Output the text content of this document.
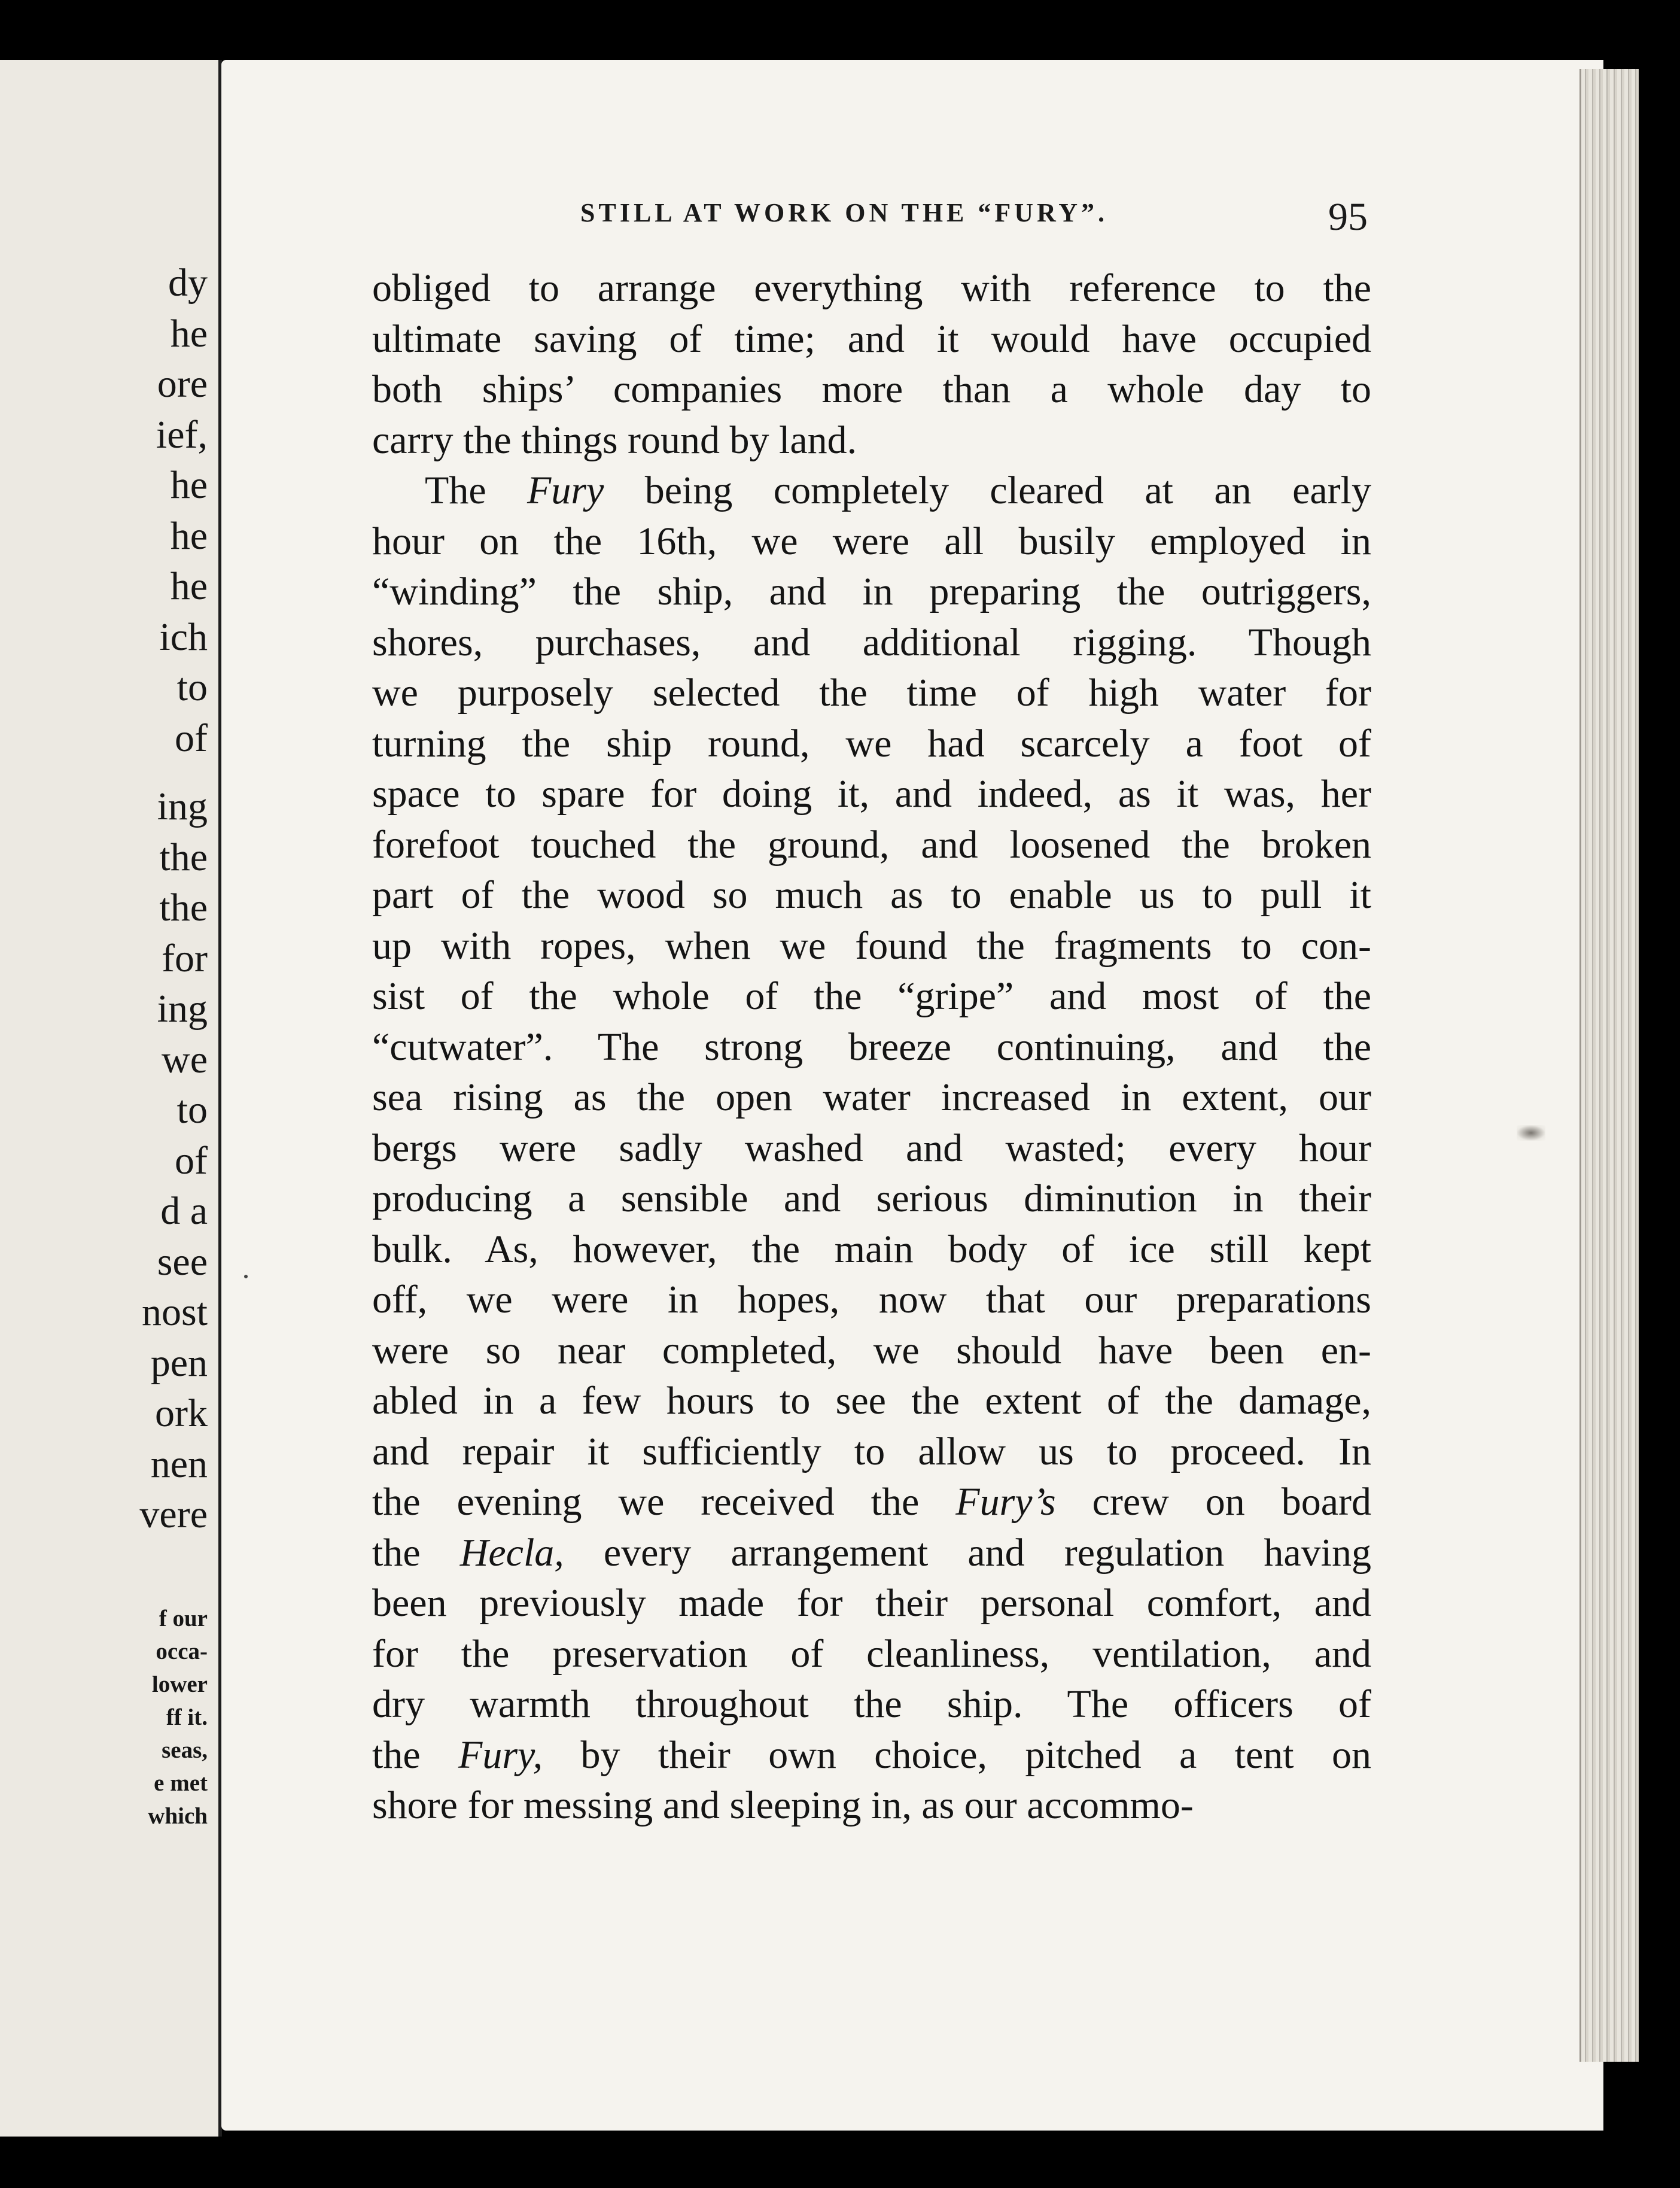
dy
he
ore
ief,
he
he
he
ich
to
of
ing
the
the
for
ing
we
to
of
d a
see
nost
pen
ork
nen
vere
f our
occa-
lower
ff it.
seas,
e met
which
STILL AT WORK ON THE “FURY”.	95
obliged to arrange everything with reference to the
ultimate saving of time; and it would have occupied
both ships’ companies more than a whole day to
carry the things round by land.
The Fury being completely cleared at an early
hour on the 16th, we were all busily employed in
“winding” the ship, and in preparing the outriggers,
shores, purchases, and additional rigging. Though
we purposely selected the time of high water for
turning the ship round, we had scarcely a foot of
space to spare for doing it, and indeed, as it was, her
forefoot touched the ground, and loosened the broken
part of the wood so much as to enable us to pull it
up with ropes, when we found the fragments to con-
sist of the whole of the “gripe” and most of the
“cutwater”. The strong breeze continuing, and the
sea rising as the open water increased in extent, our
bergs were sadly washed and wasted; every hour
producing a sensible and serious diminution in their
bulk. As, however, the main body of ice still kept
off, we were in hopes, now that our preparations
were so near completed, we should have been en-
abled in a few hours to see the extent of the damage,
and repair it sufficiently to allow us to proceed. In
the evening we received the Fury’s crew on board
the Hecla, every arrangement and regulation having
been previously made for their personal comfort, and
for the preservation of cleanliness, ventilation, and
dry warmth throughout the ship. The officers of
the Fury, by their own choice, pitched a tent on
shore for messing and sleeping in, as our accommo-
